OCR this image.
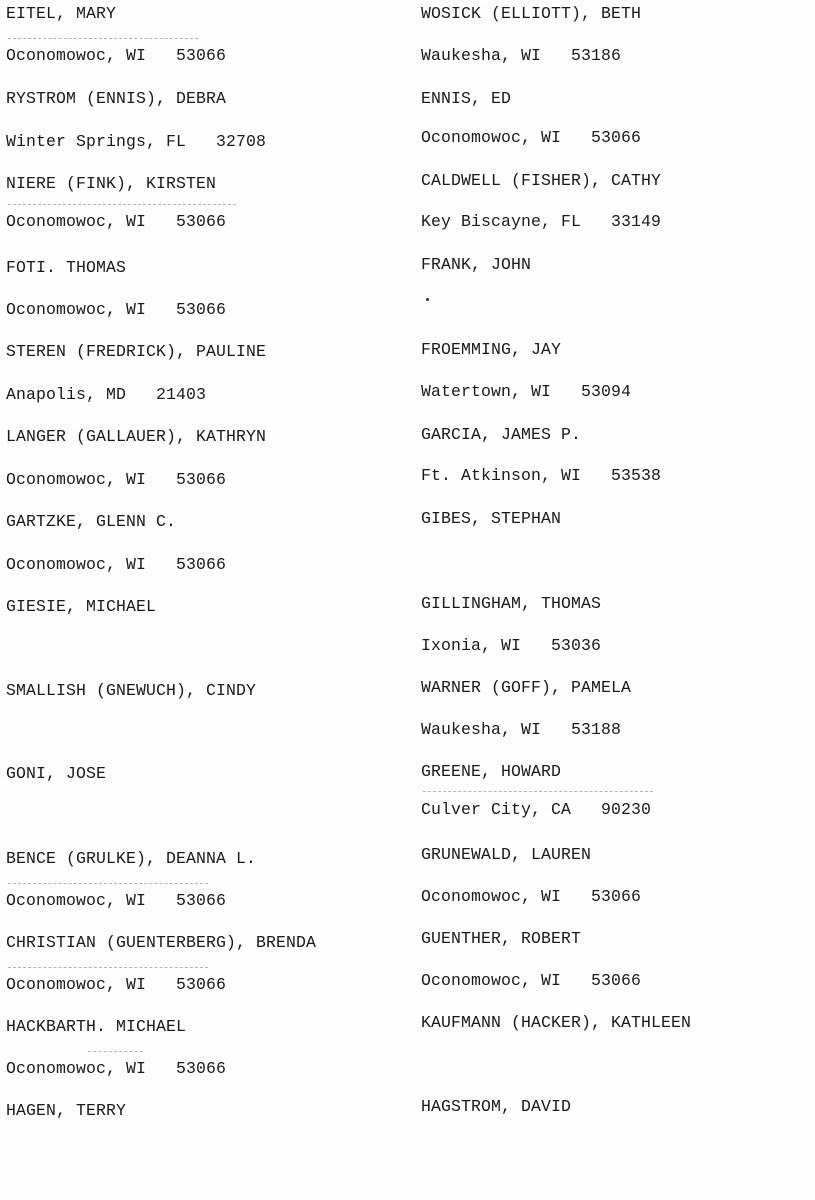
EITEL, MARY
Oconomowoc, WI   53066
RYSTROM (ENNIS), DEBRA
Winter Springs, FL   32708
NIERE (FINK), KIRSTEN
Oconomowoc, WI   53066
FOTI. THOMAS
Oconomowoc, WI   53066
STEREN (FREDRICK), PAULINE
Anapolis, MD   21403
LANGER (GALLAUER), KATHRYN
Oconomowoc, WI   53066
GARTZKE, GLENN C.
Oconomowoc, WI   53066
GIESIE, MICHAEL
SMALLISH (GNEWUCH), CINDY
GONI, JOSE
BENCE (GRULKE), DEANNA L.
Oconomowoc, WI   53066
CHRISTIAN (GUENTERBERG), BRENDA
Oconomowoc, WI   53066
HACKBARTH. MICHAEL
Oconomowoc, WI   53066
HAGEN, TERRY
WOSICK (ELLIOTT), BETH
Waukesha, WI   53186
ENNIS, ED
Oconomowoc, WI   53066
CALDWELL (FISHER), CATHY
Key Biscayne, FL   33149
FRANK, JOHN
FROEMMING, JAY
Watertown, WI   53094
GARCIA, JAMES P.
Ft. Atkinson, WI   53538
GIBES, STEPHAN
GILLINGHAM, THOMAS
Ixonia, WI   53036
WARNER (GOFF), PAMELA
Waukesha, WI   53188
GREENE, HOWARD
Culver City, CA   90230
GRUNEWALD, LAUREN
Oconomowoc, WI   53066
GUENTHER, ROBERT
Oconomowoc, WI   53066
KAUFMANN (HACKER), KATHLEEN
HAGSTROM, DAVID
